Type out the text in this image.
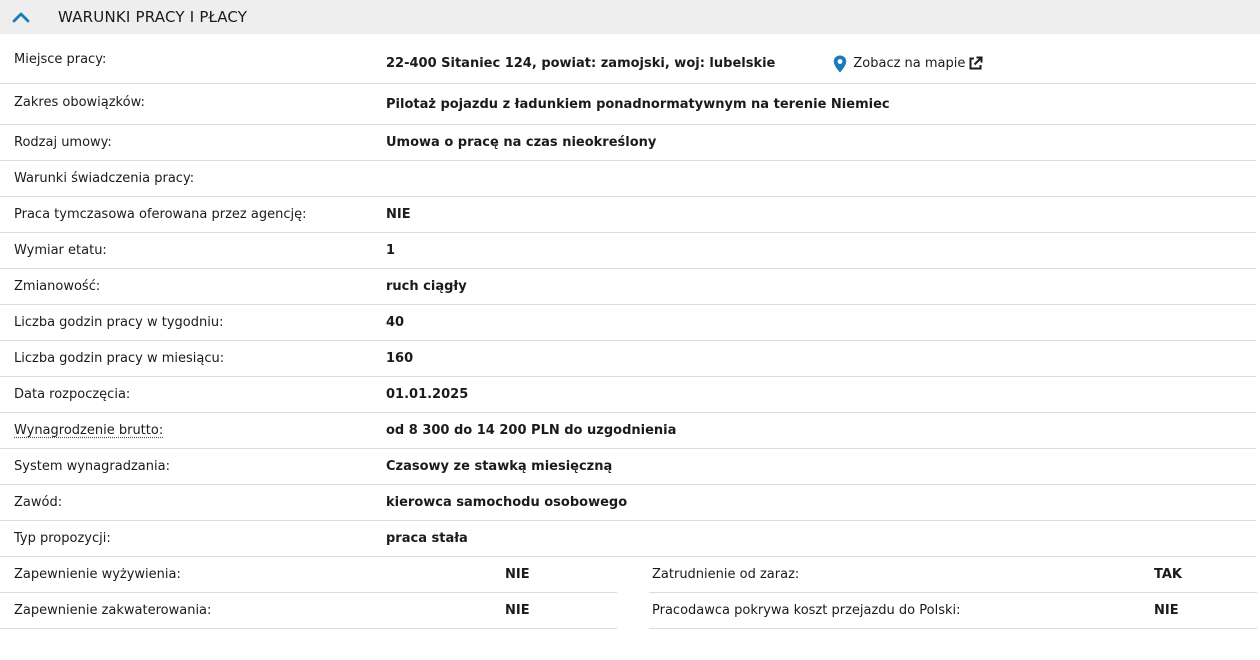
WARUNKI PRACY I PŁACY
Miejsce pracy:	22-400 Sitaniec 124, powiat: zamojski, woj: lubelskie	Zobacz na mapie
Zakres obowiązków:	Pilotaż pojazdu z ładunkiem ponadnormatywnym na terenie Niemiec
Rodzaj umowy:	Umowa o pracę na czas nieokreślony
Warunki świadczenia pracy:
Praca tymczasowa oferowana przez agencję:	NIE
Wymiar etatu:	1
Zmianowość:	ruch ciągły
Liczba godzin pracy w tygodniu:	40
Liczba godzin pracy w miesiącu:	160
Data rozpoczęcia:	01.01.2025
Wynagrodzenie brutto:	od 8 300 do 14 200 PLN do uzgodnienia
System wynagradzania:	Czasowy ze stawką miesięczną
Zawód:	kierowca samochodu osobowego
Typ propozycji:	praca stała
Zapewnienie wyżywienia:	NIE
Zapewnienie zakwaterowania:	NIE
Zatrudnienie od zaraz:	TAK
Pracodawca pokrywa koszt przejazdu do Polski:	NIE
